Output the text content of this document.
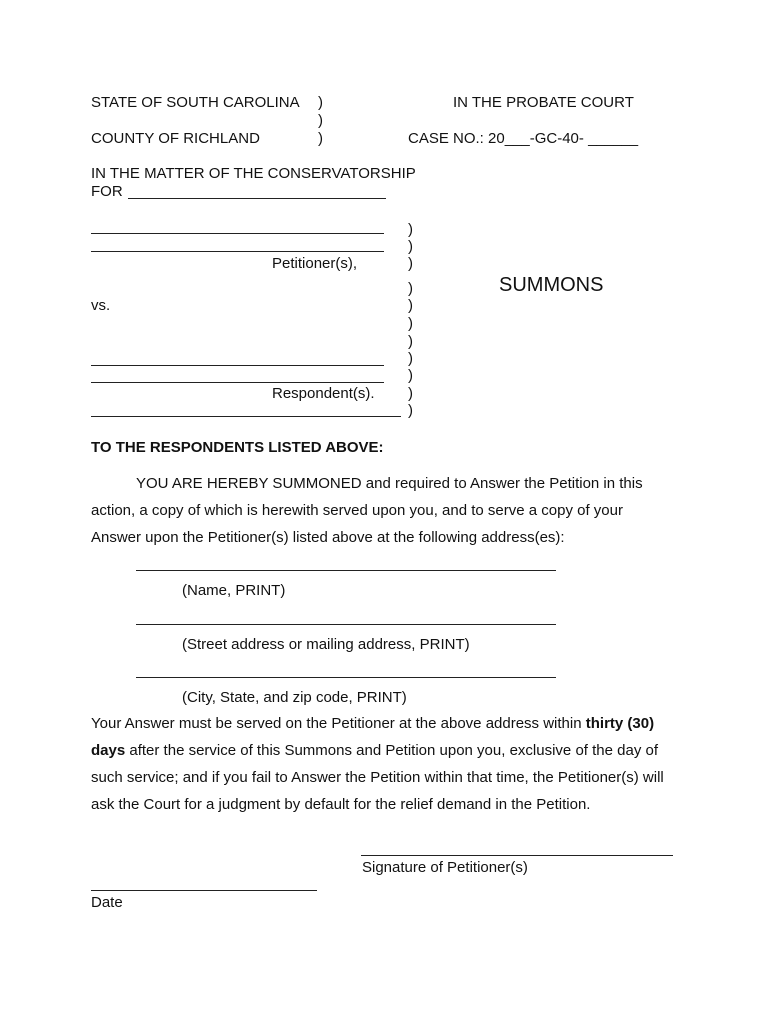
STATE OF SOUTH CAROLINA )
)
)
COUNTY OF RICHLAND
IN THE PROBATE COURT
CASE NO.: 20___-GC-40- ______
IN THE MATTER OF THE CONSERVATORSHIP
FOR
Petitioner(s),
)
)
)
)
)
)
)
)
)
)
)
SUMMONS
vs.
Respondent(s).
TO THE RESPONDENTS LISTED ABOVE:
YOU ARE HEREBY SUMMONED and required to Answer the Petition in this
action, a copy of which is herewith served upon you, and to serve a copy of your
Answer upon the Petitioner(s) listed above at the following address(es):
(Name, PRINT)
(Street address or mailing address, PRINT)
(City, State, and zip code, PRINT)
Your Answer must be served on the Petitioner at the above address within thirty (30)
days after the service of this Summons and Petition upon you, exclusive of the day of
such service; and if you fail to Answer the Petition within that time, the Petitioner(s) will
ask the Court for a judgment by default for the relief demand in the Petition.
Signature of Petitioner(s)
Date
